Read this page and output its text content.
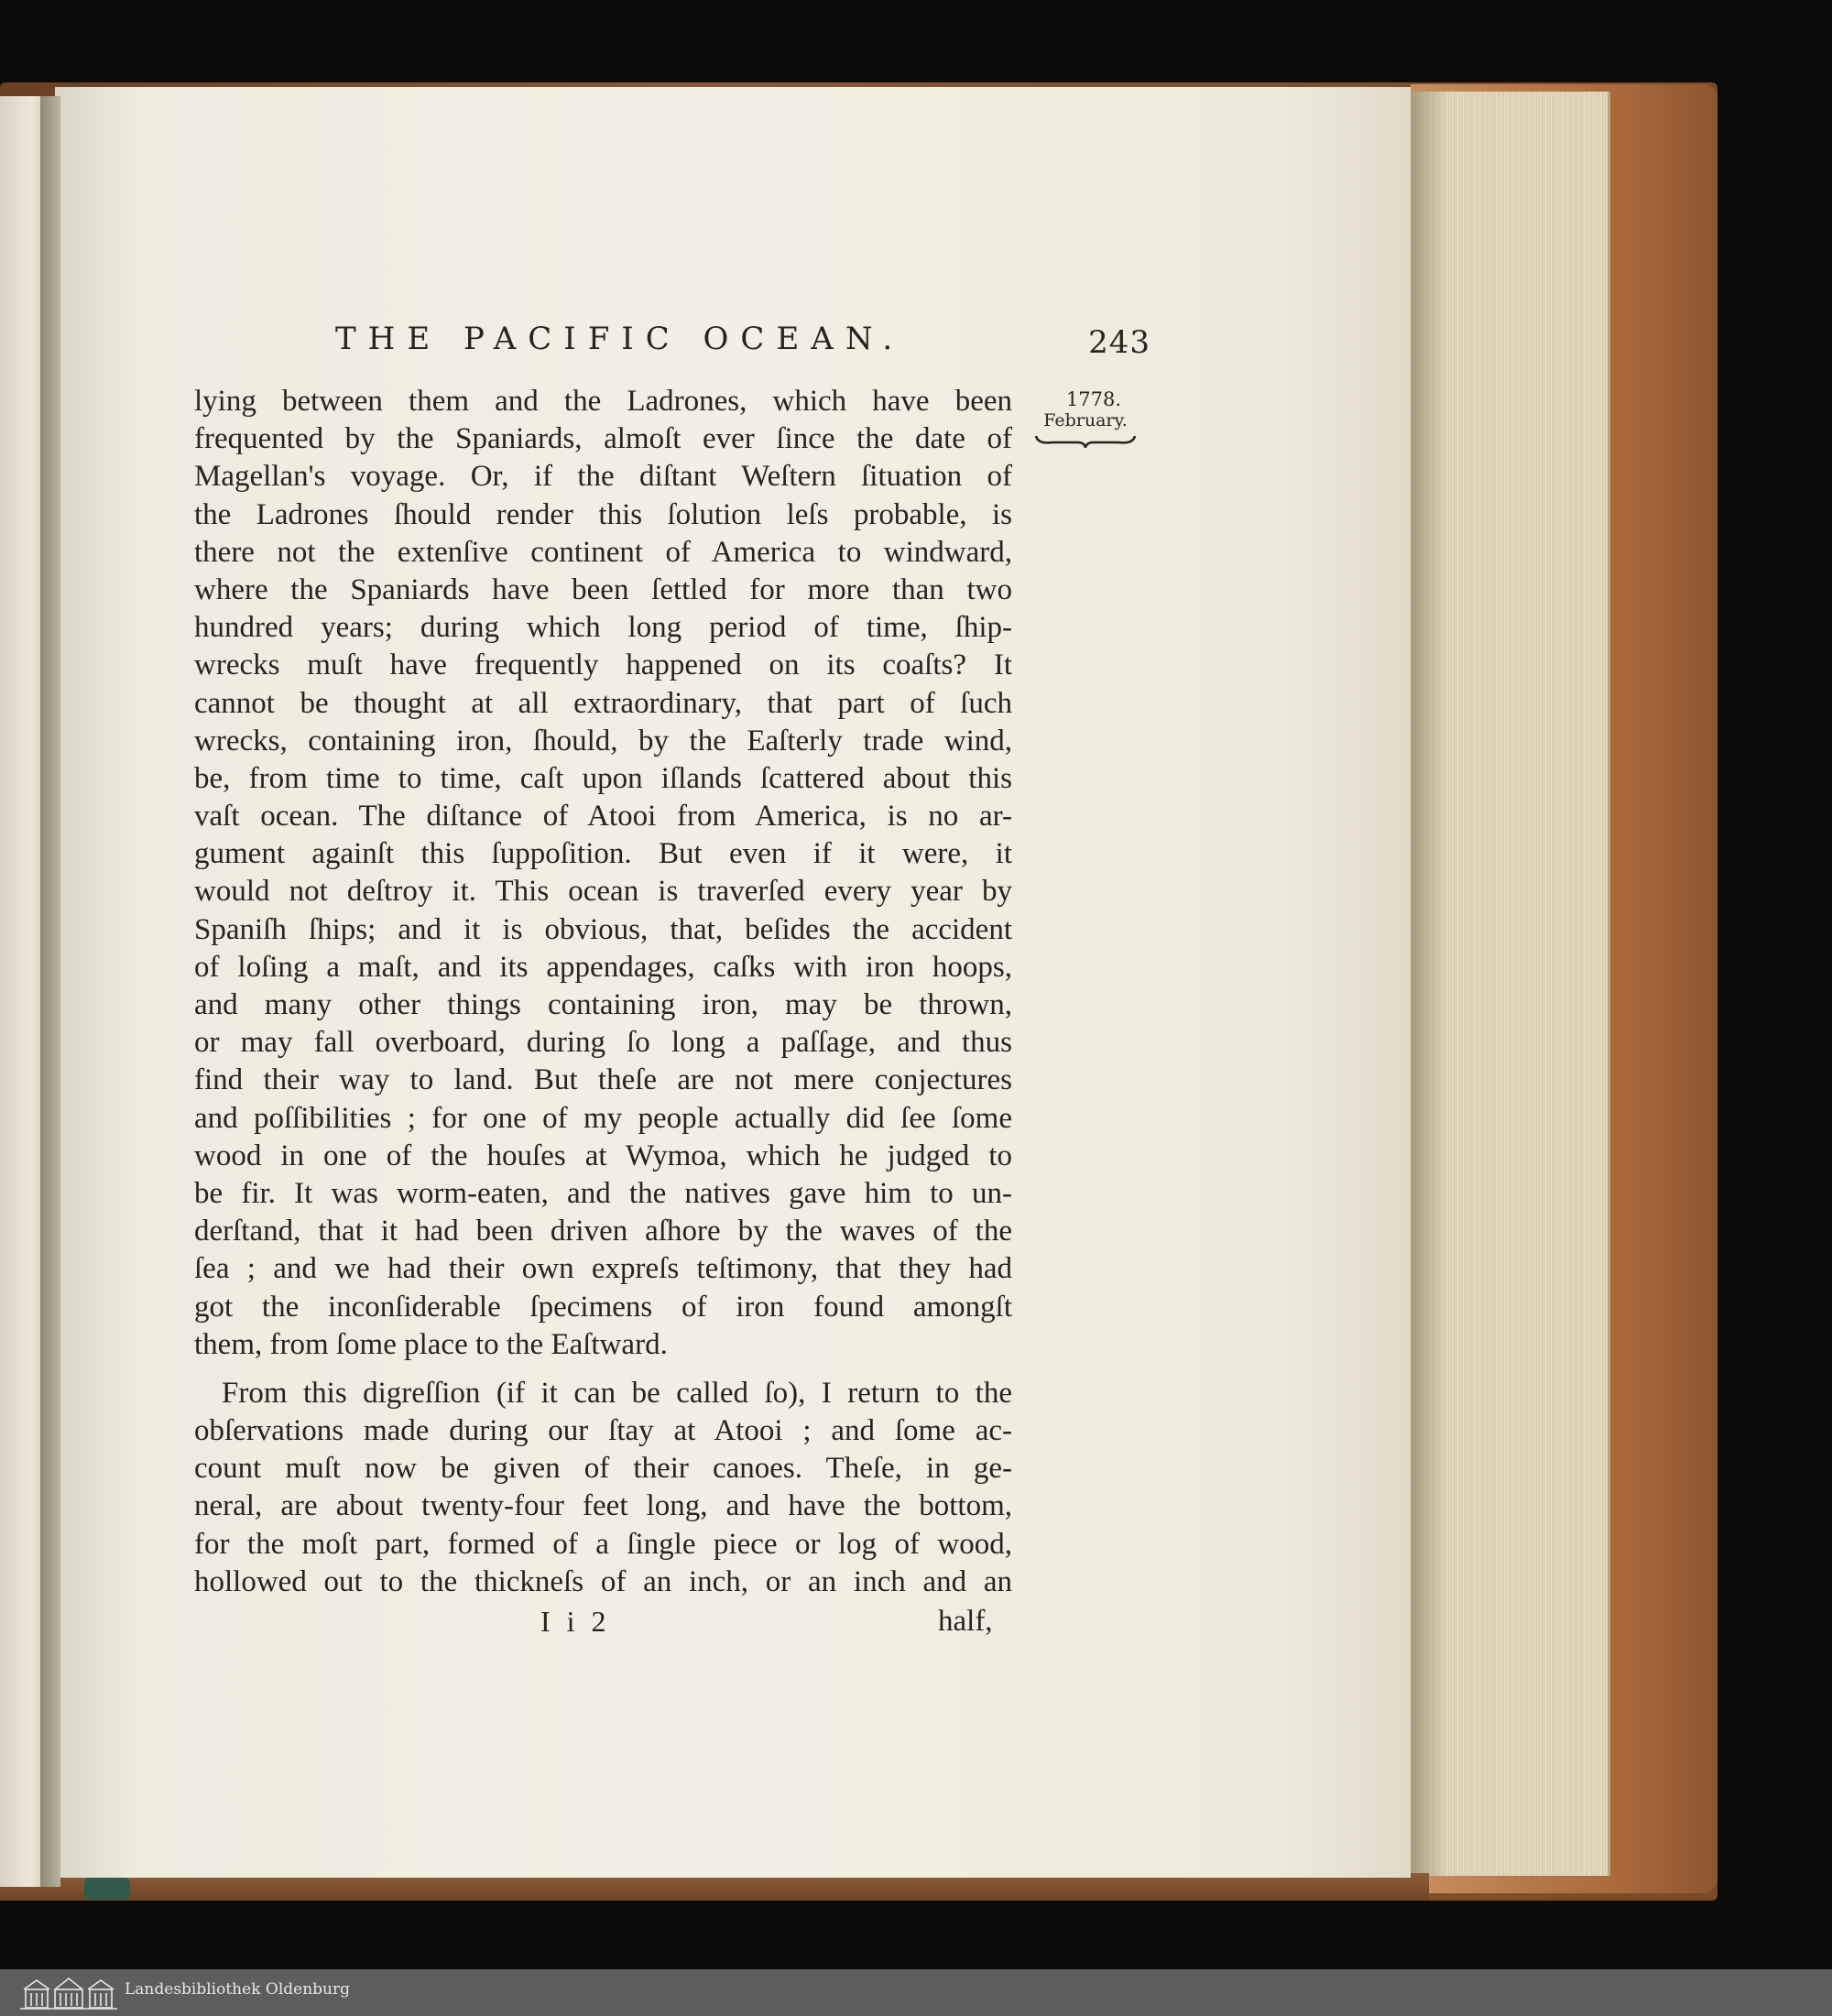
THE PACIFIC OCEAN.	243
1778.
February.
lying between them and the Ladrones, which have been
frequented by the Spaniards, almoſt ever ſince the date of
Magellan's voyage. Or, if the diſtant Weſtern ſituation of
the Ladrones ſhould render this ſolution leſs probable, is
there not the extenſive continent of America to windward,
where the Spaniards have been ſettled for more than two
hundred years; during which long period of time, ſhip-
wrecks muſt have frequently happened on its coaſts? It
cannot be thought at all extraordinary, that part of ſuch
wrecks, containing iron, ſhould, by the Eaſterly trade wind,
be, from time to time, caſt upon iſlands ſcattered about this
vaſt ocean. The diſtance of Atooi from America, is no ar-
gument againſt this ſuppoſition. But even if it were, it
would not deſtroy it. This ocean is traverſed every year by
Spaniſh ſhips; and it is obvious, that, beſides the accident
of loſing a maſt, and its appendages, caſks with iron hoops,
and many other things containing iron, may be thrown,
or may fall overboard, during ſo long a paſſage, and thus
find their way to land. But theſe are not mere conjectures
and poſſibilities ; for one of my people actually did ſee ſome
wood in one of the houſes at Wymoa, which he judged to
be fir. It was worm-eaten, and the natives gave him to un-
derſtand, that it had been driven aſhore by the waves of the
ſea ; and we had their own expreſs teſtimony, that they had
got the inconſiderable ſpecimens of iron found amongſt
them, from ſome place to the Eaſtward.
From this digreſſion (if it can be called ſo), I return to the
obſervations made during our ſtay at Atooi ; and ſome ac-
count muſt now be given of their canoes. Theſe, in ge-
neral, are about twenty-four feet long, and have the bottom,
for the moſt part, formed of a ſingle piece or log of wood,
hollowed out to the thickneſs of an inch, or an inch and an
I i 2	half,
Landesbibliothek Oldenburg
